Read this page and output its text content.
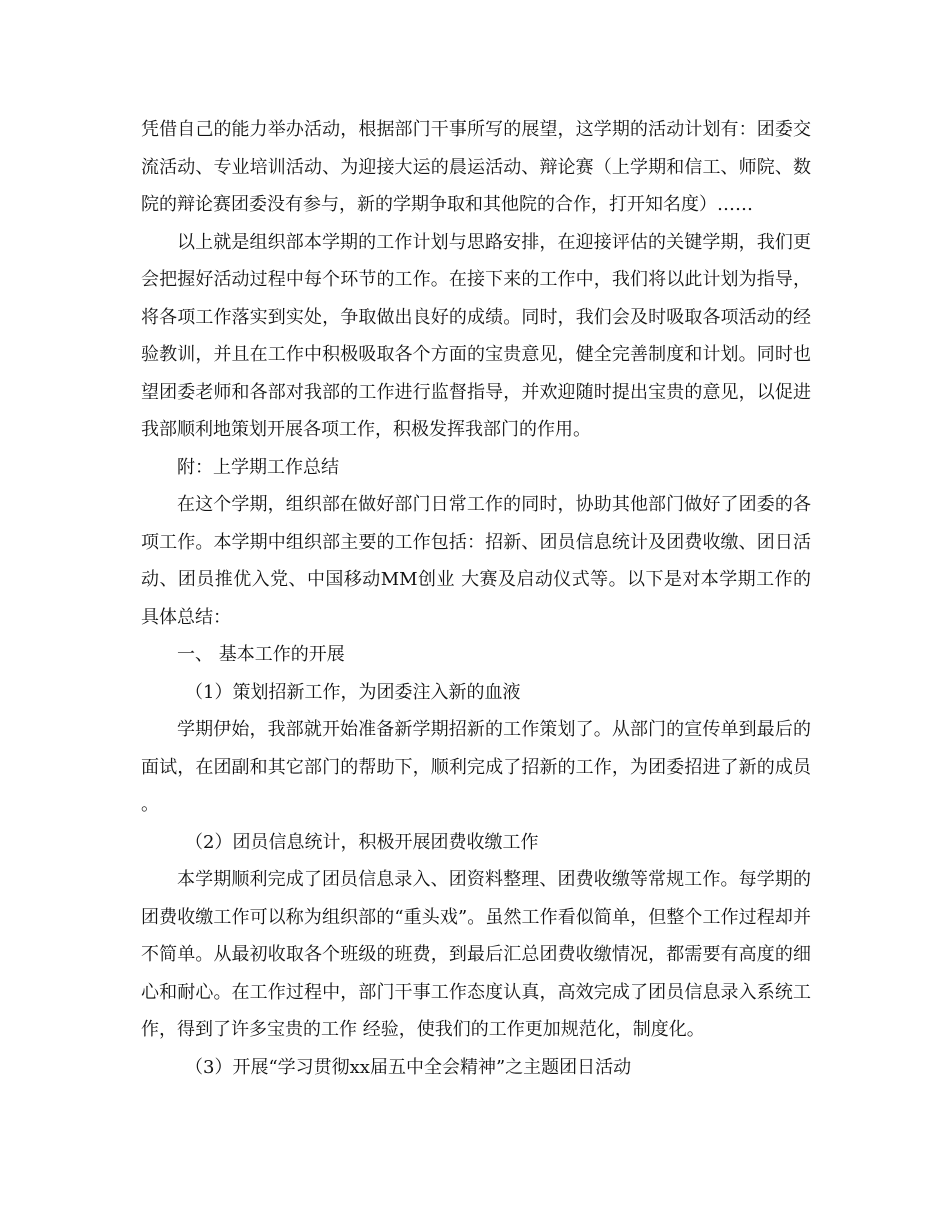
凭借自己的能力举办活动，根据部门干事所写的展望，这学期的活动计划有：团委交流活动、专业培训活动、为迎接大运的晨运活动、辩论赛（上学期和信工、师院、数院的辩论赛团委没有参与，新的学期争取和其他院的合作，打开知名度）……

以上就是组织部本学期的工作计划与思路安排，在迎接评估的关键学期，我们更会把握好活动过程中每个环节的工作。在接下来的工作中，我们将以此计划为指导，将各项工作落实到实处，争取做出良好的成绩。同时，我们会及时吸取各项活动的经验教训，并且在工作中积极吸取各个方面的宝贵意见，健全完善制度和计划。同时也望团委老师和各部对我部的工作进行监督指导，并欢迎随时提出宝贵的意见，以促进我部顺利地策划开展各项工作，积极发挥我部门的作用。

附：上学期工作总结

在这个学期，组织部在做好部门日常工作的同时，协助其他部门做好了团委的各项工作。本学期中组织部主要的工作包括：招新、团员信息统计及团费收缴、团日活动、团员推优入党、中国移动MM创业 大赛及启动仪式等。以下是对本学期工作的具体总结：

一、 基本工作的开展

（1）策划招新工作，为团委注入新的血液

学期伊始，我部就开始准备新学期招新的工作策划了。从部门的宣传单到最后的面试，在团副和其它部门的帮助下，顺利完成了招新的工作，为团委招进了新的成员。

（2）团员信息统计，积极开展团费收缴工作

本学期顺利完成了团员信息录入、团资料整理、团费收缴等常规工作。每学期的团费收缴工作可以称为组织部的“重头戏”。虽然工作看似简单，但整个工作过程却并不简单。从最初收取各个班级的班费，到最后汇总团费收缴情况，都需要有高度的细心和耐心。在工作过程中，部门干事工作态度认真，高效完成了团员信息录入系统工作，得到了许多宝贵的工作 经验，使我们的工作更加规范化，制度化。

（3）开展“学习贯彻xx届五中全会精神”之主题团日活动
